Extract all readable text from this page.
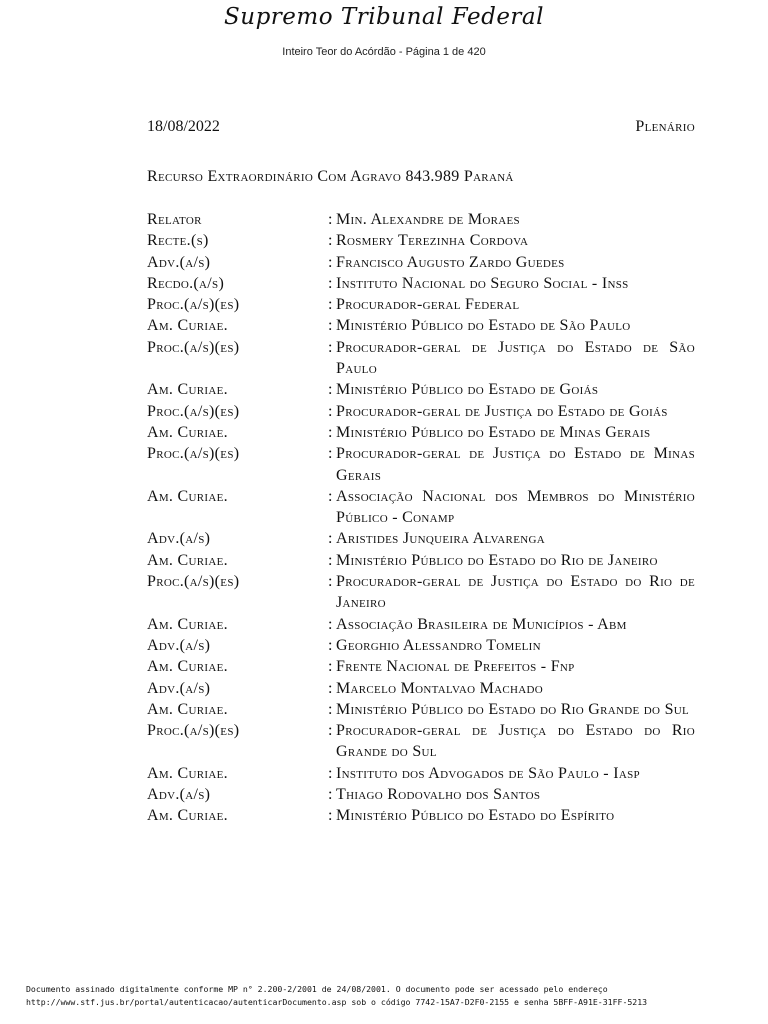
Supremo Tribunal Federal
Inteiro Teor do Acórdão - Página 1 de 420
18/08/2022	Plenário
Recurso Extraordinário Com Agravo 843.989 Paraná
Relator	: Min. Alexandre de Moraes
Recte.(s)	: Rosmery Terezinha Cordova
Adv.(a/s)	: Francisco Augusto Zardo Guedes
Recdo.(a/s)	: Instituto Nacional do Seguro Social - Inss
Proc.(a/s)(es)	: Procurador-geral Federal
Am. Curiae.	: Ministério Público do Estado de São Paulo
Proc.(a/s)(es)	: Procurador-geral de Justiça do Estado de São Paulo
Am. Curiae.	: Ministério Público do Estado de Goiás
Proc.(a/s)(es)	: Procurador-geral de Justiça do Estado de Goiás
Am. Curiae.	: Ministério Público do Estado de Minas Gerais
Proc.(a/s)(es)	: Procurador-geral de Justiça do Estado de Minas Gerais
Am. Curiae.	: Associação Nacional dos Membros do Ministério Público - Conamp
Adv.(a/s)	: Aristides Junqueira Alvarenga
Am. Curiae.	: Ministério Público do Estado do Rio de Janeiro
Proc.(a/s)(es)	: Procurador-geral de Justiça do Estado do Rio de Janeiro
Am. Curiae.	: Associação Brasileira de Municípios - Abm
Adv.(a/s)	: Georghio Alessandro Tomelin
Am. Curiae.	: Frente Nacional de Prefeitos - Fnp
Adv.(a/s)	: Marcelo Montalvao Machado
Am. Curiae.	: Ministério Público do Estado do Rio Grande do Sul
Proc.(a/s)(es)	: Procurador-geral de Justiça do Estado do Rio Grande do Sul
Am. Curiae.	: Instituto dos Advogados de São Paulo - Iasp
Adv.(a/s)	: Thiago Rodovalho dos Santos
Am. Curiae.	: Ministério Público do Estado do Espírito
Documento assinado digitalmente conforme MP n° 2.200-2/2001 de 24/08/2001. O documento pode ser acessado pelo endereço
http://www.stf.jus.br/portal/autenticacao/autenticarDocumento.asp sob o código 7742-15A7-D2F0-2155 e senha 5BFF-A91E-31FF-5213
